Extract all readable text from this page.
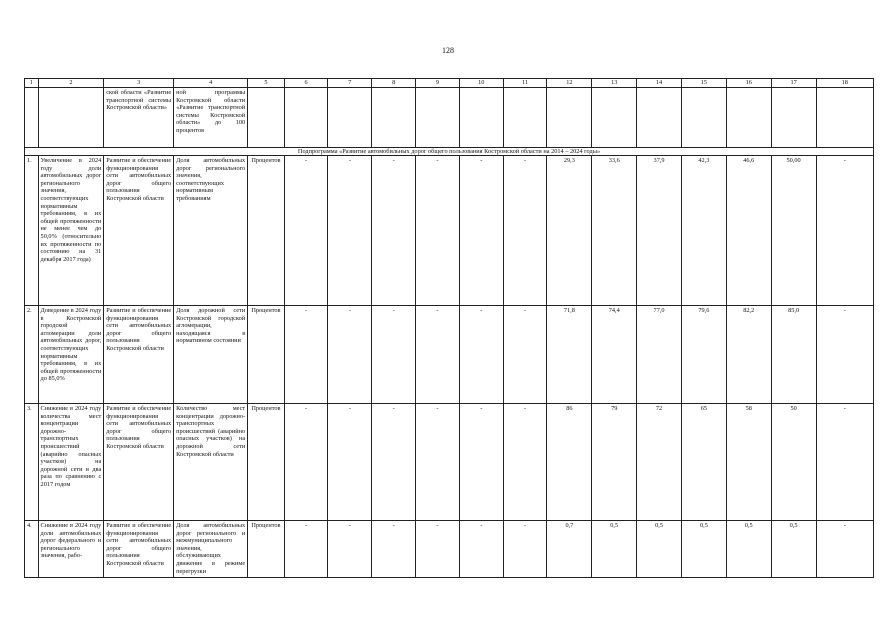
128
1	2	3	4	5	6	7	8	9	10	11	12	13	14	15	16	17	18
		ской области «Развитие транспортной системы Костромской области»	ной программы Костромской области «Развитие транспортной системы Костромской области» до 100 процентов														
Подпрограмма «Развитие автомобильных дорог общего пользования Костромской области на 2014 – 2024 годы»																	
1.	Увеличение в 2024 году доли автомобильных дорог регионального значения, соответствующих нормативным требованиям, в их общей протяженности не менее чем до 50,0% (относительно их протяженности по состоянию на 31 декабря 2017 года)	Развитие и обеспечение функционирования сети автомобильных дорог общего пользования Костромской области	Доля автомобильных дорог регионального значения, соответствующих нормативным требованиям	Процентов	-	-	-	-	-	-	29,3	33,6	37,9	42,3	46,6	50,00	-
2.	Доведение в 2024 году в Костромской городской агломерации доли автомобильных дорог, соответствующих нормативным требованиям, в их общей протяженности до 85,0%	Развитие и обеспечение функционирования сети автомобильных дорог общего пользования Костромской области	Доля дорожной сети Костромской городской агломерации, находящаяся в нормативном состоянии	Процентов	-	-	-	-	-	-	71,8	74,4	77,0	79,6	82,2	85,0	-
3.	Снижение в 2024 году количества мест концентрации дорожно-транспортных происшествий (аварийно опасных участков) на дорожной сети в два раза по сравнению с 2017 годом	Развитие и обеспечение функционирования сети автомобильных дорог общего пользования Костромской области	Количество мест концентрации дорожно-транспортных происшествий (аварийно опасных участков) на дорожной сети Костромской области	Процентов	-	-	-	-	-	-	86	79	72	65	58	50	-
4.	Снижение в 2024 году доли автомобильных дорог федерального и регионального значения, рабо-	Развитие и обеспечение функционирования сети автомобильных дорог общего пользования Костромской области	Доля автомобильных дорог регионального и межмуниципального значения, обслуживающих движение в режиме перегрузки	Процентов	-	-	-	-	-	-	0,7	0,5	0,5	0,5	0,5	0,5	-
